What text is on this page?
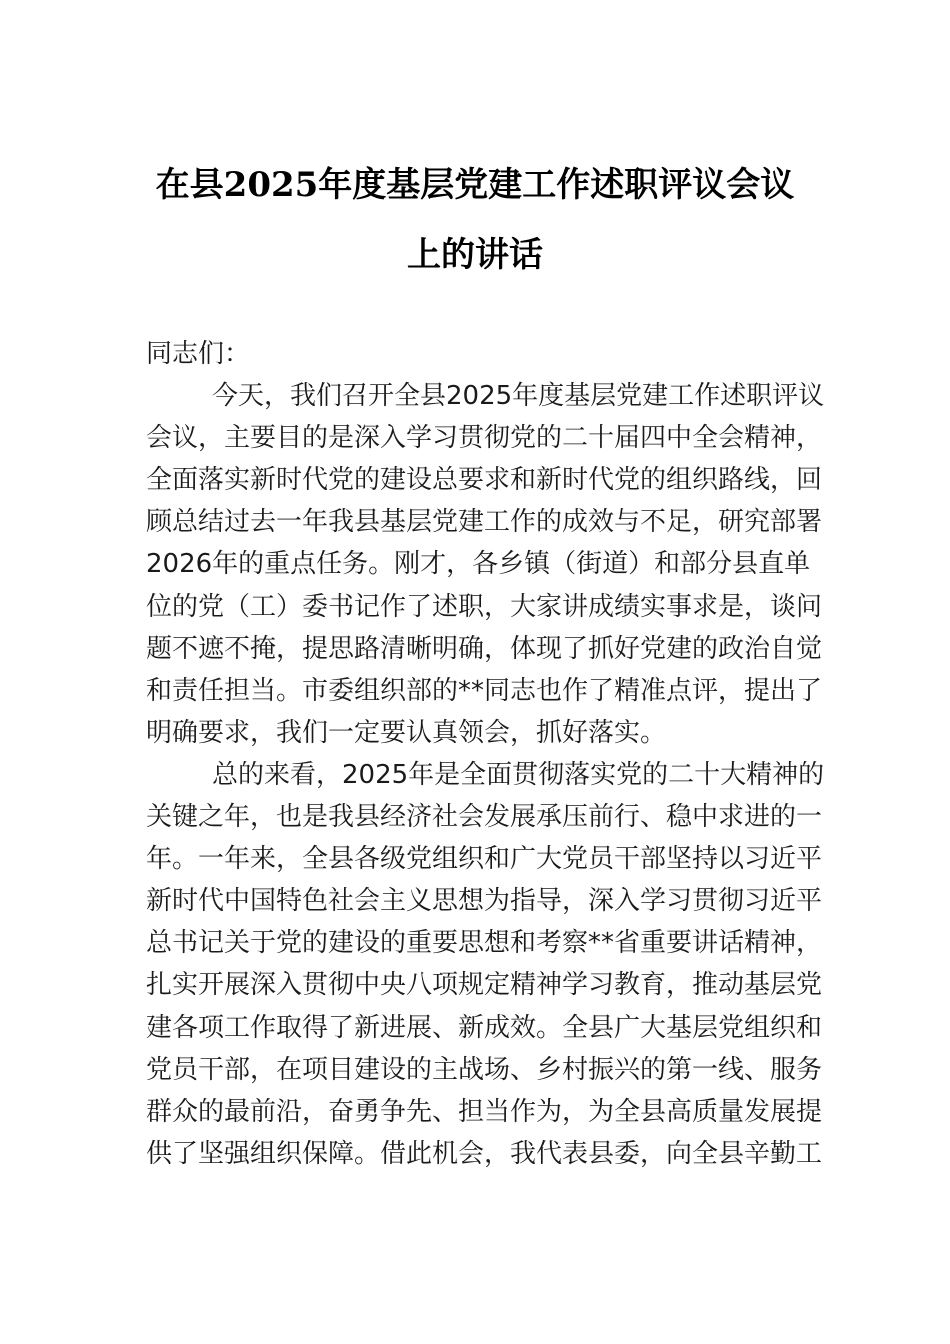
在县2025年度基层党建工作述职评议会议
上的讲话
同志们：
今天，我们召开全县2025年度基层党建工作述职评议
会议，主要目的是深入学习贯彻党的二十届四中全会精神，
全面落实新时代党的建设总要求和新时代党的组织路线，回
顾总结过去一年我县基层党建工作的成效与不足，研究部署
2026年的重点任务。刚才，各乡镇（街道）和部分县直单
位的党（工）委书记作了述职，大家讲成绩实事求是，谈问
题不遮不掩，提思路清晰明确，体现了抓好党建的政治自觉
和责任担当。市委组织部的**同志也作了精准点评，提出了
明确要求，我们一定要认真领会，抓好落实。
总的来看，2025年是全面贯彻落实党的二十大精神的
关键之年，也是我县经济社会发展承压前行、稳中求进的一
年。一年来，全县各级党组织和广大党员干部坚持以习近平
新时代中国特色社会主义思想为指导，深入学习贯彻习近平
总书记关于党的建设的重要思想和考察**省重要讲话精神，
扎实开展深入贯彻中央八项规定精神学习教育，推动基层党
建各项工作取得了新进展、新成效。全县广大基层党组织和
党员干部，在项目建设的主战场、乡村振兴的第一线、服务
群众的最前沿，奋勇争先、担当作为，为全县高质量发展提
供了坚强组织保障。借此机会，我代表县委，向全县辛勤工
